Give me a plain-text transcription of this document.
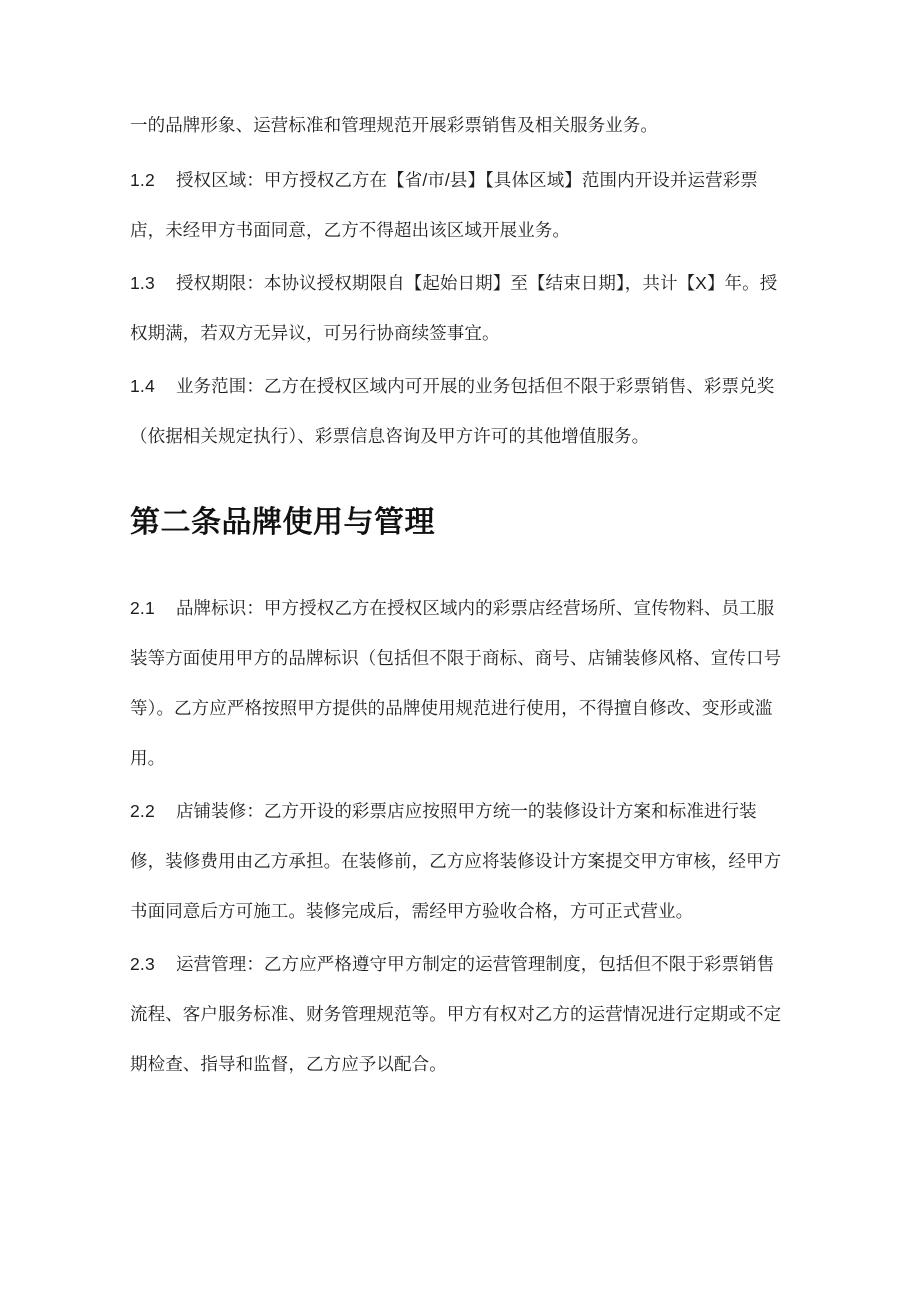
一的品牌形象、运营标准和管理规范开展彩票销售及相关服务业务。

1.2 授权区域：甲方授权乙方在【省/市/县】【具体区域】范围内开设并运营彩票店，未经甲方书面同意，乙方不得超出该区域开展业务。

1.3 授权期限：本协议授权期限自【起始日期】至【结束日期】，共计【X】年。授权期满，若双方无异议，可另行协商续签事宜。

1.4 业务范围：乙方在授权区域内可开展的业务包括但不限于彩票销售、彩票兑奖（依据相关规定执行）、彩票信息咨询及甲方许可的其他增值服务。

第二条品牌使用与管理

2.1 品牌标识：甲方授权乙方在授权区域内的彩票店经营场所、宣传物料、员工服装等方面使用甲方的品牌标识（包括但不限于商标、商号、店铺装修风格、宣传口号等）。乙方应严格按照甲方提供的品牌使用规范进行使用，不得擅自修改、变形或滥用。

2.2 店铺装修：乙方开设的彩票店应按照甲方统一的装修设计方案和标准进行装修，装修费用由乙方承担。在装修前，乙方应将装修设计方案提交甲方审核，经甲方书面同意后方可施工。装修完成后，需经甲方验收合格，方可正式营业。

2.3 运营管理：乙方应严格遵守甲方制定的运营管理制度，包括但不限于彩票销售流程、客户服务标准、财务管理规范等。甲方有权对乙方的运营情况进行定期或不定期检查、指导和监督，乙方应予以配合。
